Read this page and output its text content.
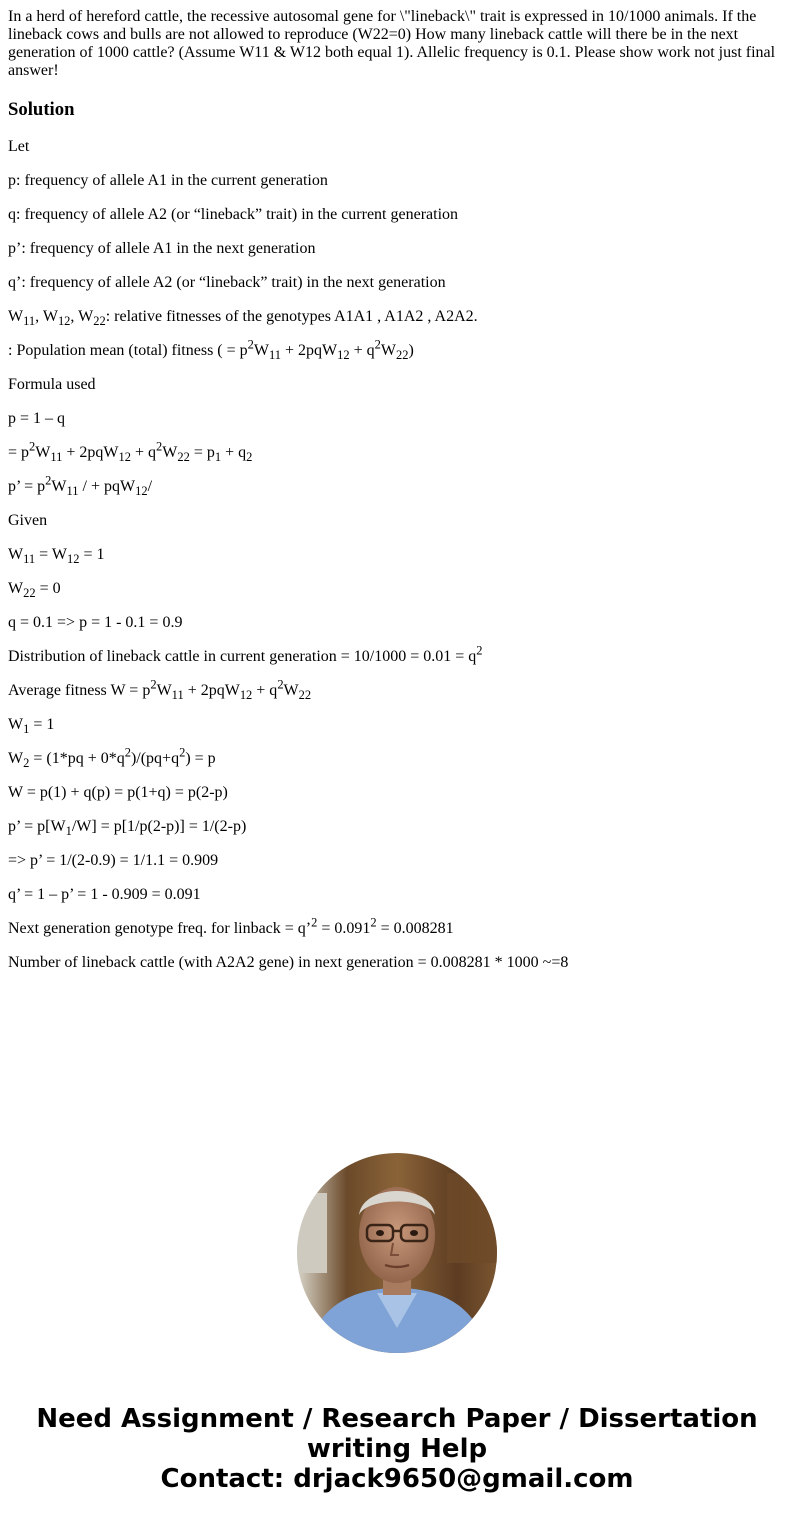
In a herd of hereford cattle, the recessive autosomal gene for \"lineback\" trait is expressed in 10/1000 animals. If the lineback cows and bulls are not allowed to reproduce (W22=0) How many lineback cattle will there be in the next generation of 1000 cattle? (Assume W11 & W12 both equal 1). Allelic frequency is 0.1. Please show work not just final answer!

Solution

Let

p: frequency of allele A1 in the current generation

q: frequency of allele A2 (or “lineback” trait) in the current generation

p’: frequency of allele A1 in the next generation

q’: frequency of allele A2 (or “lineback” trait) in the next generation

$W_{11}$, $W_{12}$, $W_{22}$: relative fitnesses of the genotypes A1A1 , A1A2 , A2A2.

: Population mean (total) fitness ( = $p^2W_{11} + 2pqW_{12} + q^2W_{22}$)

Formula used

p = 1 – q

= $p^2W_{11} + 2pqW_{12} + q^2W_{22} = p_1 + q_2$

p’ = $p^2W_{11}$ / + pqW$_{12}$/

Given

$W_{11} = W_{12} = 1$

$W_{22} = 0$

q = 0.1 => p = 1 - 0.1 = 0.9

Distribution of lineback cattle in current generation = $10/1000 = 0.01 = q^2$

Average fitness $W = p^2W_{11} + 2pqW_{12} + q^2W_{22}$

$W_1 = 1$

$W_2 = (1*pq + 0*q^2)/(pq+q^2) = p$

W = p(1) + q(p) = p(1+q) = p(2-p)

p’ = $p[W_1/W] = p[1/p(2-p)] = 1/(2-p)$

=> p’ = 1/(2-0.9) = 1/1.1 = 0.909

q’ = 1 – p’ = 1 - 0.909 = 0.091

Next generation genotype freq. for linback = q’$^2$ = $0.091^2 = 0.008281$

Number of lineback cattle (with A2A2 gene) in next generation = 0.008281 * 1000 ~=8

Need Assignment / Research Paper / Dissertation
writing Help
Contact: drjack9650@gmail.com
